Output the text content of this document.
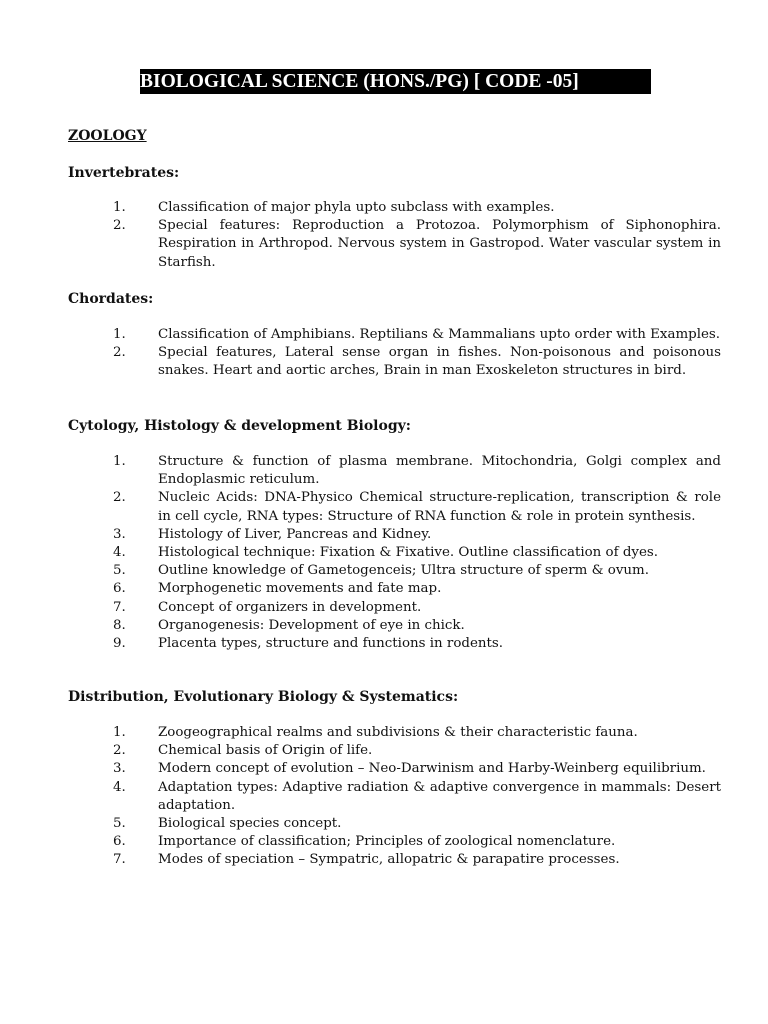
BIOLOGICAL SCIENCE (HONS./PG) [ CODE -05]

ZOOLOGY

Invertebrates:

1. Classification of major phyla upto subclass with examples.
2. Special features: Reproduction a Protozoa. Polymorphism of Siphonophira. Respiration in Arthropod. Nervous system in Gastropod. Water vascular system in Starfish.

Chordates:

1. Classification of Amphibians. Reptilians & Mammalians upto order with Examples.
2. Special features, Lateral sense organ in fishes. Non-poisonous and poisonous snakes. Heart and aortic arches, Brain in man Exoskeleton structures in bird.

Cytology, Histology & development Biology:

1. Structure & function of plasma membrane. Mitochondria, Golgi complex and Endoplasmic reticulum.
2. Nucleic Acids: DNA-Physico Chemical structure-replication, transcription & role in cell cycle, RNA types: Structure of RNA function & role in protein synthesis.
3. Histology of Liver, Pancreas and Kidney.
4. Histological technique: Fixation & Fixative. Outline classification of dyes.
5. Outline knowledge of Gametogenceis; Ultra structure of sperm & ovum.
6. Morphogenetic movements and fate map.
7. Concept of organizers in development.
8. Organogenesis: Development of eye in chick.
9. Placenta types, structure and functions in rodents.

Distribution, Evolutionary Biology & Systematics:

1. Zoogeographical realms and subdivisions & their characteristic fauna.
2. Chemical basis of Origin of life.
3. Modern concept of evolution – Neo-Darwinism and Harby-Weinberg equilibrium.
4. Adaptation types: Adaptive radiation & adaptive convergence in mammals: Desert adaptation.
5. Biological species concept.
6. Importance of classification; Principles of zoological nomenclature.
7. Modes of speciation – Sympatric, allopatric & parapatire processes.
